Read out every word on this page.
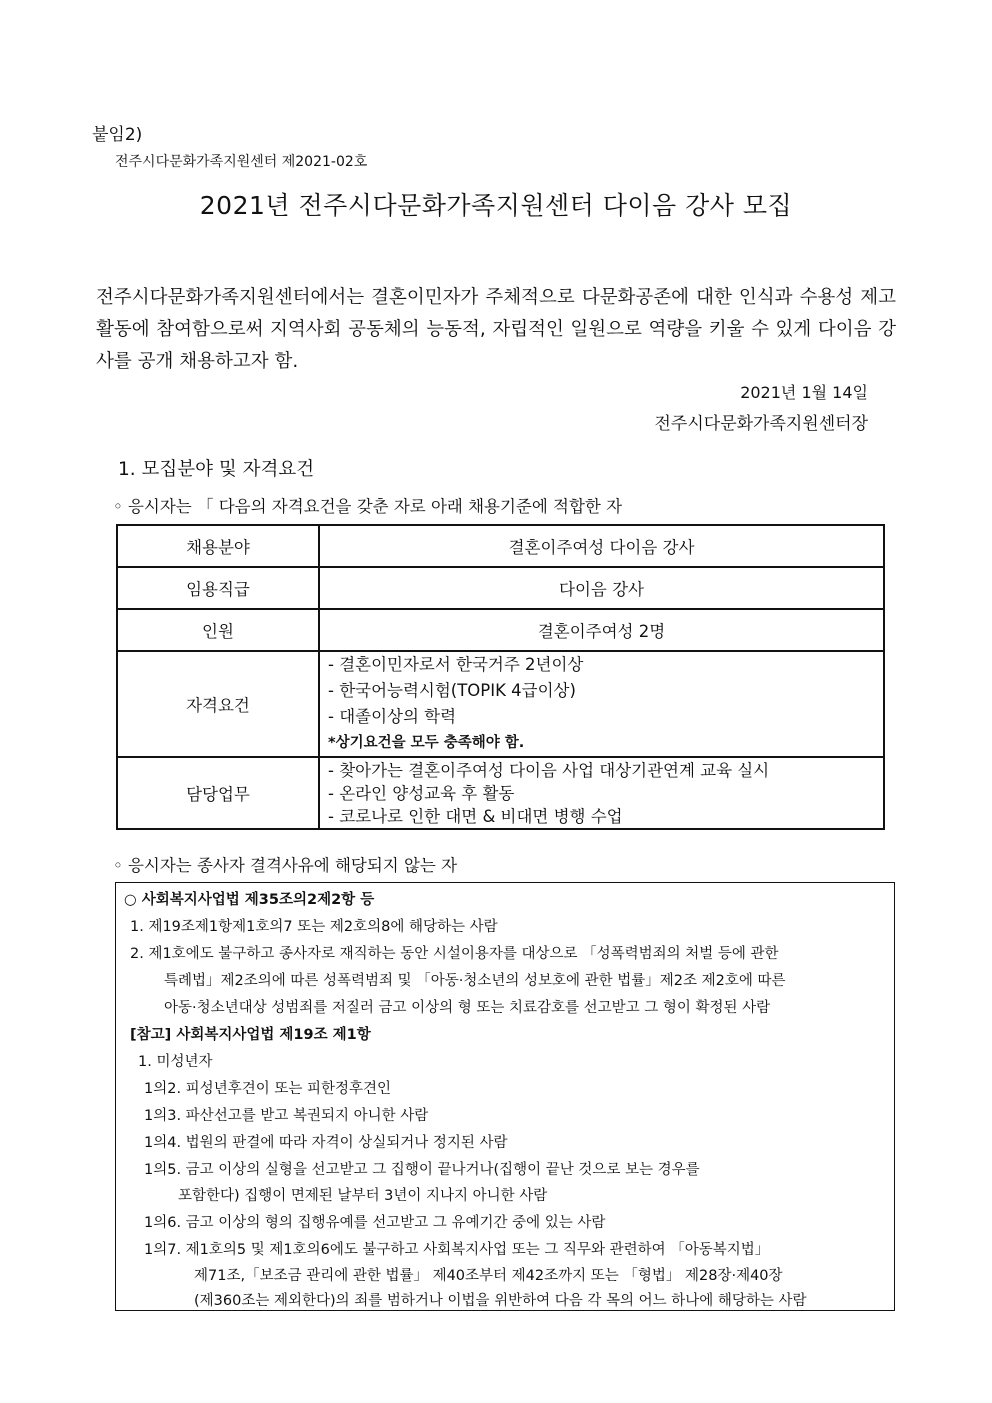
붙임2)
전주시다문화가족지원센터 제2021-02호
2021년 전주시다문화가족지원센터 다이음 강사 모집
전주시다문화가족지원센터에서는 결혼이민자가 주체적으로 다문화공존에 대한 인식과 수용성 제고 활동에 참여함으로써 지역사회 공동체의 능동적, 자립적인 일원으로 역량을 키울 수 있게 다이음 강사를 공개 채용하고자 함.
2021년 1월 14일
전주시다문화가족지원센터장
1. 모집분야 및 자격요건
◦ 응시자는 「 다음의 자격요건을 갖춘 자로 아래 채용기준에 적합한 자
채용분야	결혼이주여성 다이음 강사
임용직급	다이음 강사
인원	결혼이주여성 2명
자격요건	- 결혼이민자로서 한국거주 2년이상
- 한국어능력시험(TOPIK 4급이상)
- 대졸이상의 학력
*상기요건을 모두 충족해야 함.

담당업무	- 찾아가는 결혼이주여성 다이음 사업 대상기관연계 교육 실시
- 온라인 양성교육 후 활동
- 코로나로 인한 대면 & 비대면 병행 수업
◦ 응시자는 종사자 결격사유에 해당되지 않는 자
○ 사회복지사업법 제35조의2제2항 등
1. 제19조제1항제1호의7 또는 제2호의8에 해당하는 사람
2. 제1호에도 불구하고 종사자로 재직하는 동안 시설이용자를 대상으로 「성폭력범죄의 처벌 등에 관한
특례법」제2조의에 따른 성폭력범죄 및 「아동·청소년의 성보호에 관한 법률」제2조 제2호에 따른
아동·청소년대상 성범죄를 저질러 금고 이상의 형 또는 치료감호를 선고받고 그 형이 확정된 사람
[참고] 사회복지사업법 제19조 제1항
1. 미성년자
1의2. 피성년후견이 또는 피한정후견인
1의3. 파산선고를 받고 복권되지 아니한 사람
1의4. 법원의 판결에 따라 자격이 상실되거나 정지된 사람
1의5. 금고 이상의 실형을 선고받고 그 집행이 끝나거나(집행이 끝난 것으로 보는 경우를
포함한다) 집행이 면제된 날부터 3년이 지나지 아니한 사람
1의6. 금고 이상의 형의 집행유예를 선고받고 그 유예기간 중에 있는 사람
1의7. 제1호의5 및 제1호의6에도 불구하고 사회복지사업 또는 그 직무와 관련하여 「아동복지법」
제71조,「보조금 관리에 관한 법률」 제40조부터 제42조까지 또는 「형법」 제28장·제40장
(제360조는 제외한다)의 죄를 범하거나 이법을 위반하여 다음 각 목의 어느 하나에 해당하는 사람
